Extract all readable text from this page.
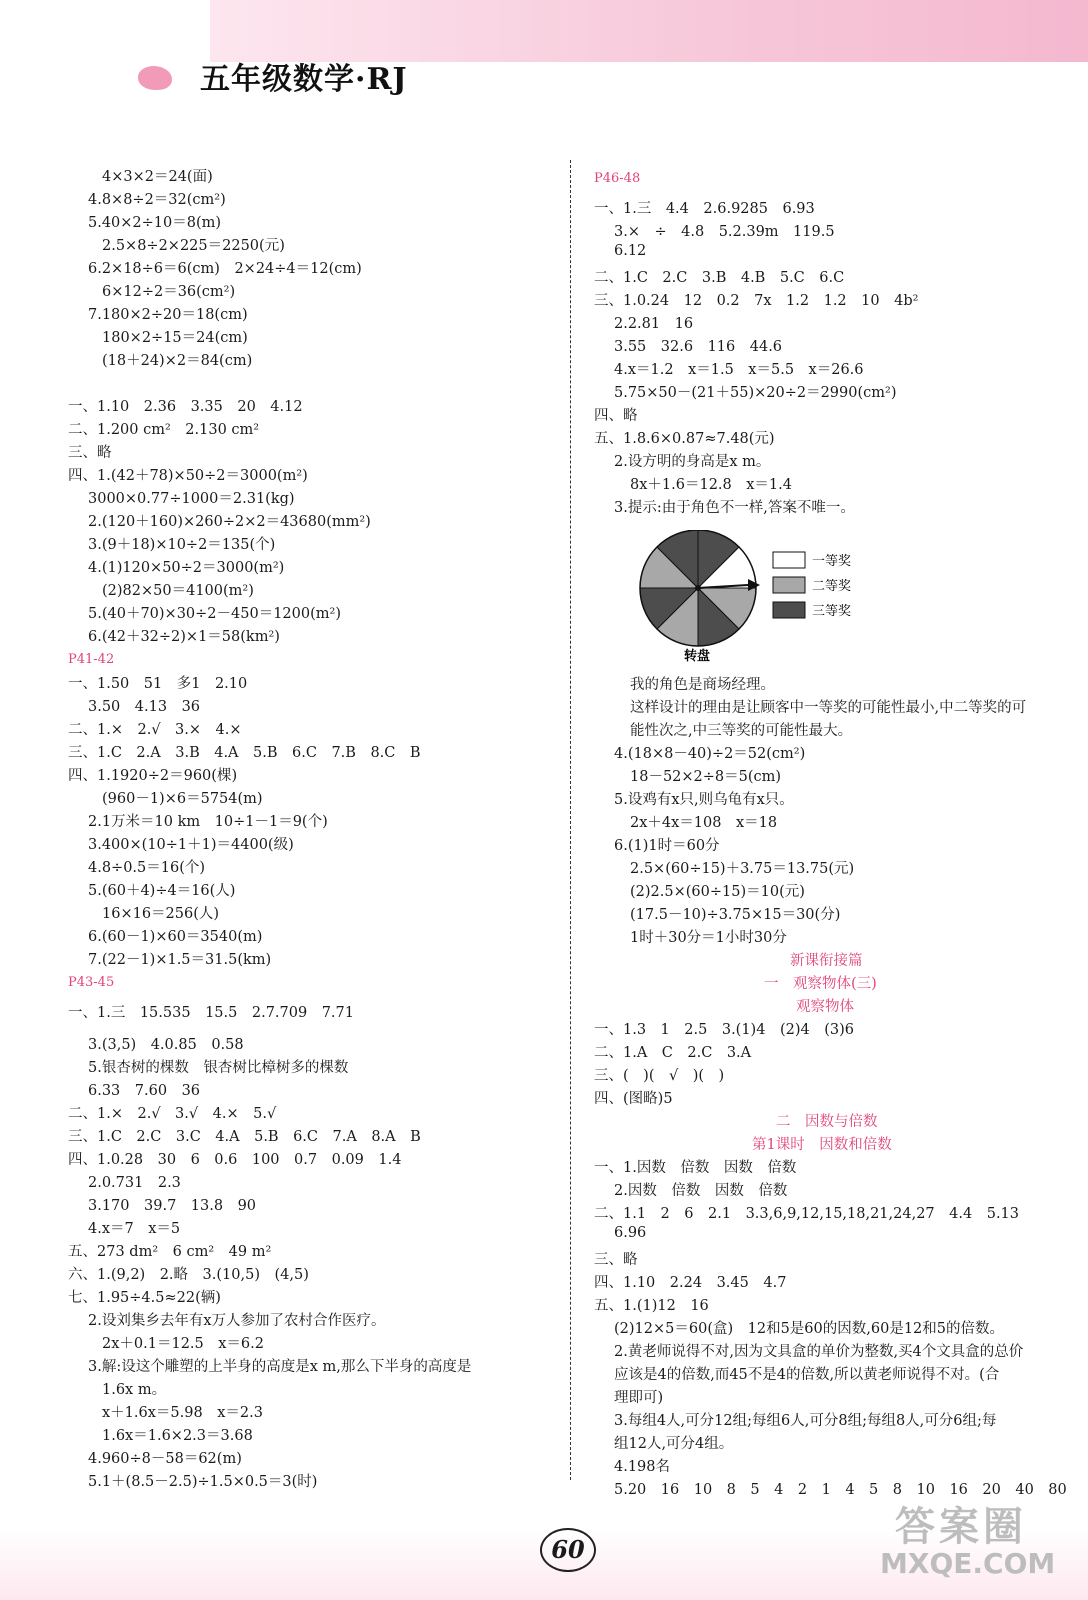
五年级数学·RJ
4×3×2＝24(面)
4.8×8÷2＝32(cm²)
5.40×2÷10＝8(m)
2.5×8÷2×225＝2250(元)
6.2×18÷6＝6(cm)　2×24÷4＝12(cm)
6×12÷2＝36(cm²)
7.180×2÷20＝18(cm)
180×2÷15＝24(cm)
(18＋24)×2＝84(cm)
一、1.10　2.36　3.35　20　4.12
二、1.200 cm²　2.130 cm²
三、略
四、1.(42＋78)×50÷2＝3000(m²)
3000×0.77÷1000＝2.31(kg)
2.(120＋160)×260÷2×2＝43680(mm²)
3.(9＋18)×10÷2＝135(个)
4.(1)120×50÷2＝3000(m²)
(2)82×50＝4100(m²)
5.(40＋70)×30÷2－450＝1200(m²)
6.(42＋32÷2)×1＝58(km²)
P41-42
一、1.50　51　多1　2.10
3.50　4.13　36
二、1.×　2.√　3.×　4.×
三、1.C　2.A　3.B　4.A　5.B　6.C　7.B　8.C　B
四、1.1920÷2＝960(棵)
(960－1)×6＝5754(m)
2.1万米＝10 km　10÷1－1＝9(个)
3.400×(10÷1＋1)＝4400(级)
4.8÷0.5＝16(个)
5.(60＋4)÷4＝16(人)
16×16＝256(人)
6.(60－1)×60＝3540(m)
7.(22－1)×1.5＝31.5(km)
P43-45
一、1.三　15.535　15.5　2.7.709　7.71
3.(3,5)　4.0.85　0.58
5.银杏树的棵数　银杏树比樟树多的棵数
6.33　7.60　36
二、1.×　2.√　3.√　4.×　5.√
三、1.C　2.C　3.C　4.A　5.B　6.C　7.A　8.A　B
四、1.0.28　30　6　0.6　100　0.7　0.09　1.4
2.0.731　2.3
3.170　39.7　13.8　90
4.x＝7　x＝5
五、273 dm²　6 cm²　49 m²
六、1.(9,2)　2.略　3.(10,5)　(4,5)
七、1.95÷4.5≈22(辆)
2.设刘集乡去年有x万人参加了农村合作医疗。
2x＋0.1＝12.5　x＝6.2
3.解:设这个雕塑的上半身的高度是x m,那么下半身的高度是
1.6x m。
x＋1.6x＝5.98　x＝2.3
1.6x＝1.6×2.3＝3.68
4.960÷8－58＝62(m)
5.1＋(8.5－2.5)÷1.5×0.5＝3(时)
P46-48
一、1.三　4.4　2.6.9285　6.93
3.×　÷　4.8　5.2.39m　119.5
6.12
二、1.C　2.C　3.B　4.B　5.C　6.C
三、1.0.24　12　0.2　7x　1.2　1.2　10　4b²
2.2.81　16
3.55　32.6　116　44.6
4.x＝1.2　x＝1.5　x＝5.5　x＝26.6
5.75×50－(21＋55)×20÷2＝2990(cm²)
四、略
五、1.8.6×0.87≈7.48(元)
2.设方明的身高是x m。
8x＋1.6＝12.8　x＝1.4
3.提示:由于角色不一样,答案不唯一。
我的角色是商场经理。
这样设计的理由是让顾客中一等奖的可能性最小,中二等奖的可
能性次之,中三等奖的可能性最大。
4.(18×8－40)÷2＝52(cm²)
18－52×2÷8＝5(cm)
5.设鸡有x只,则乌龟有x只。
2x＋4x＝108　x＝18
6.(1)1时＝60分
2.5×(60÷15)＋3.75＝13.75(元)
(2)2.5×(60÷15)＝10(元)
(17.5－10)÷3.75×15＝30(分)
1时＋30分＝1小时30分
新课衔接篇
一　观察物体(三)
观察物体
一、1.3　1　2.5　3.(1)4　(2)4　(3)6
二、1.A　C　2.C　3.A
三、(　)(　√　)(　)
四、(图略)5
二　因数与倍数
第1课时　因数和倍数
一、1.因数　倍数　因数　倍数
2.因数　倍数　因数　倍数
二、1.1　2　6　2.1　3.3,6,9,12,15,18,21,24,27　4.4　5.13
6.96
三、略
四、1.10　2.24　3.45　4.7
五、1.(1)12　16
(2)12×5＝60(盒)　12和5是60的因数,60是12和5的倍数。
2.黄老师说得不对,因为文具盒的单价为整数,买4个文具盒的总价
应该是4的倍数,而45不是4的倍数,所以黄老师说得不对。(合
理即可)
3.每组4人,可分12组;每组6人,可分8组;每组8人,可分6组;每
组12人,可分4组。
4.198名
5.20　16　10　8　5　4　2　1　4　5　8　10　16　20　40　80
转盘
一等奖
二等奖
三等奖
60	答案圈
MXQE.COM
